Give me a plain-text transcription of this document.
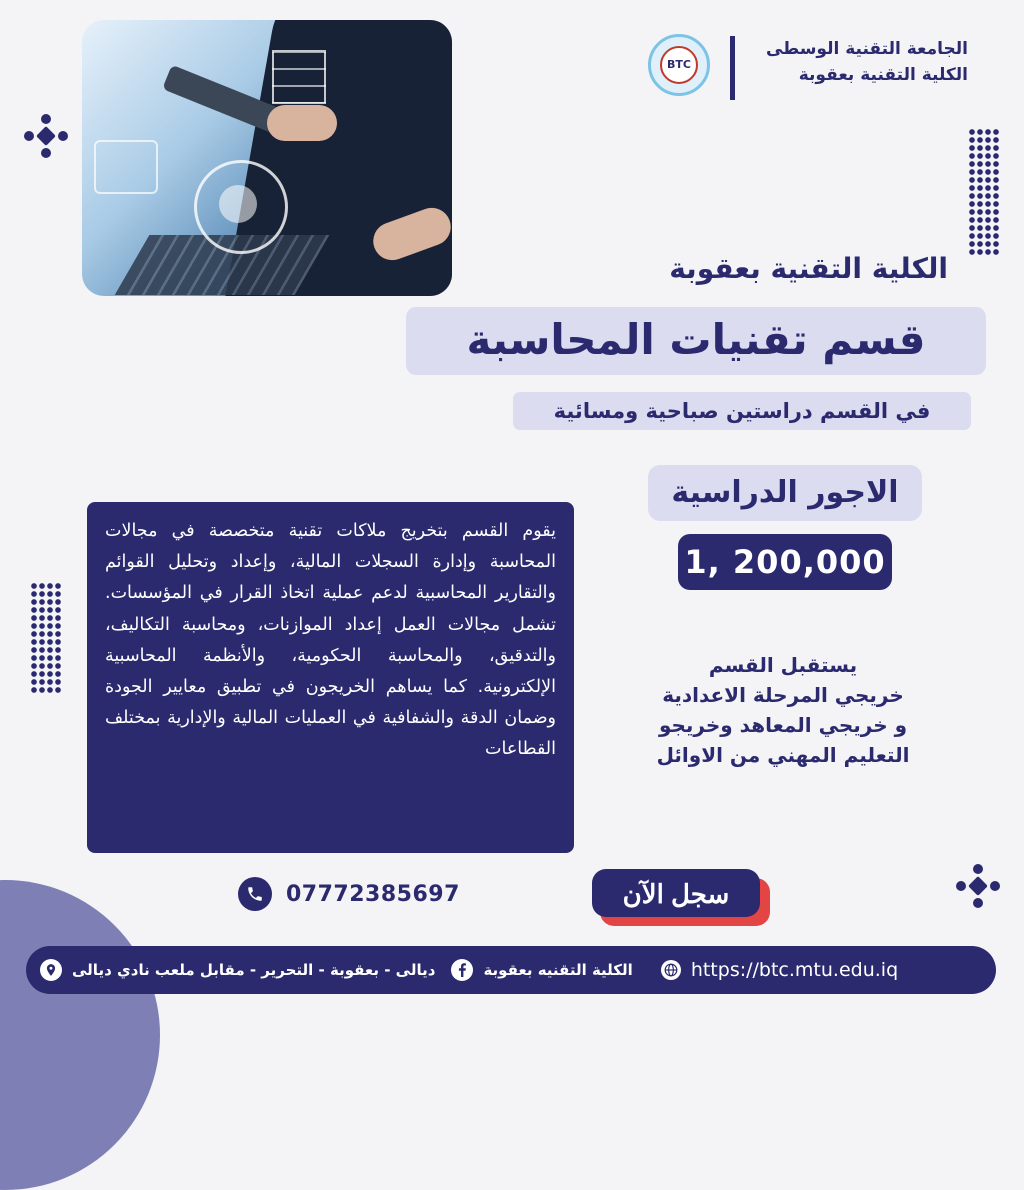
الجامعة التقنية الوسطى
الكلية التقنية بعقوبة
BTC
الكلية التقنية بعقوبة
قسم تقنيات المحاسبة
في القسم دراستين صباحية ومسائية
الاجور الدراسية
1, 200,000
يستقبل القسم
خريجي المرحلة الاعدادية
و خريجي المعاهد وخريجو
التعليم المهني من الاوائل
يقوم القسم بتخريج ملاكات تقنية متخصصة في مجالات المحاسبة وإدارة السجلات المالية، وإعداد وتحليل القوائم والتقارير المحاسبية لدعم عملية اتخاذ القرار في المؤسسات. تشمل مجالات العمل إعداد الموازنات، ومحاسبة التكاليف، والتدقيق، والمحاسبة الحكومية، والأنظمة المحاسبية الإلكترونية. كما يساهم الخريجون في تطبيق معايير الجودة وضمان الدقة والشفافية في العمليات المالية والإدارية بمختلف القطاعات
07772385697	سجل الآن
ديالى - بعقوبة - التحرير - مقابل ملعب نادي ديالى	الكلية التقنيه بعقوبة	https://btc.mtu.edu.iq
